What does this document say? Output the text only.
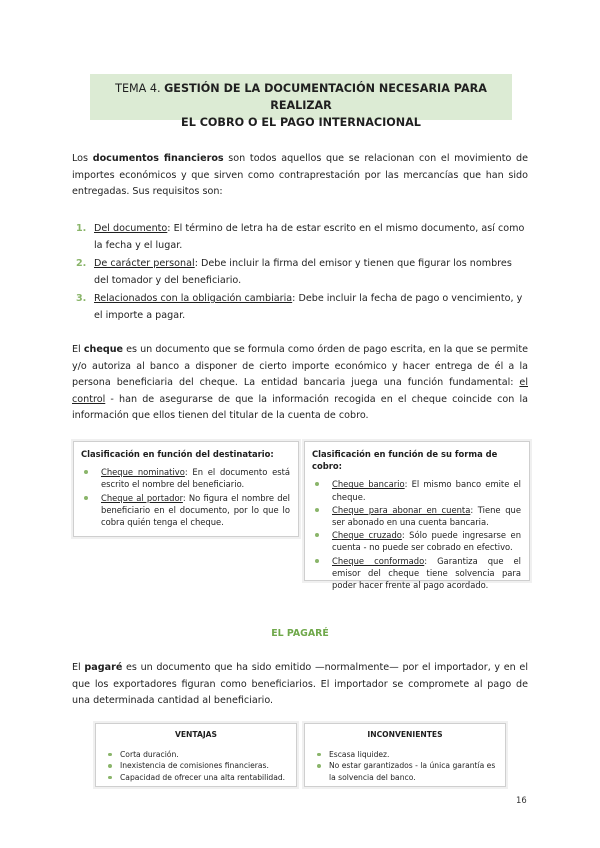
TEMA 4. GESTIÓN DE LA DOCUMENTACIÓN NECESARIA PARA REALIZAR
EL COBRO O EL PAGO INTERNACIONAL

Los documentos financieros son todos aquellos que se relacionan con el movimiento de importes económicos y que sirven como contraprestación por las mercancías que han sido entregadas. Sus requisitos son:

1. Del documento: El término de letra ha de estar escrito en el mismo documento, así como la fecha y el lugar.
2. De carácter personal: Debe incluir la firma del emisor y tienen que figurar los nombres del tomador y del beneficiario.
3. Relacionados con la obligación cambiaria: Debe incluir la fecha de pago o vencimiento, y el importe a pagar.

El cheque es un documento que se formula como órden de pago escrita, en la que se permite y/o autoriza al banco a disponer de cierto importe económico y hacer entrega de él a la persona beneficiaria del cheque. La entidad bancaria juega una función fundamental: el control - han de asegurarse de que la información recogida en el cheque coincide con la información que ellos tienen del titular de la cuenta de cobro.

Clasificación en función del destinatario:
Cheque nominativo: En el documento está escrito el nombre del beneficiario.
Cheque al portador: No figura el nombre del beneficiario en el documento, por lo que lo cobra quién tenga el cheque.
Clasificación en función de su forma de cobro:
Cheque bancario: El mismo banco emite el cheque.
Cheque para abonar en cuenta: Tiene que ser abonado en una cuenta bancaria.
Cheque cruzado: Sólo puede ingresarse en cuenta - no puede ser cobrado en efectivo.
Cheque conformado: Garantiza que el emisor del cheque tiene solvencia para poder hacer frente al pago acordado.
EL PAGARÉ

El pagaré es un documento que ha sido emitido —normalmente— por el importador, y en el que los exportadores figuran como beneficiarios. El importador se compromete al pago de una determinada cantidad al beneficiario.

VENTAJAS
Corta duración.
Inexistencia de comisiones financieras.
Capacidad de ofrecer una alta rentabilidad.
INCONVENIENTES
Escasa liquidez.
No estar garantizados - la única garantía es la solvencia del banco.
16
